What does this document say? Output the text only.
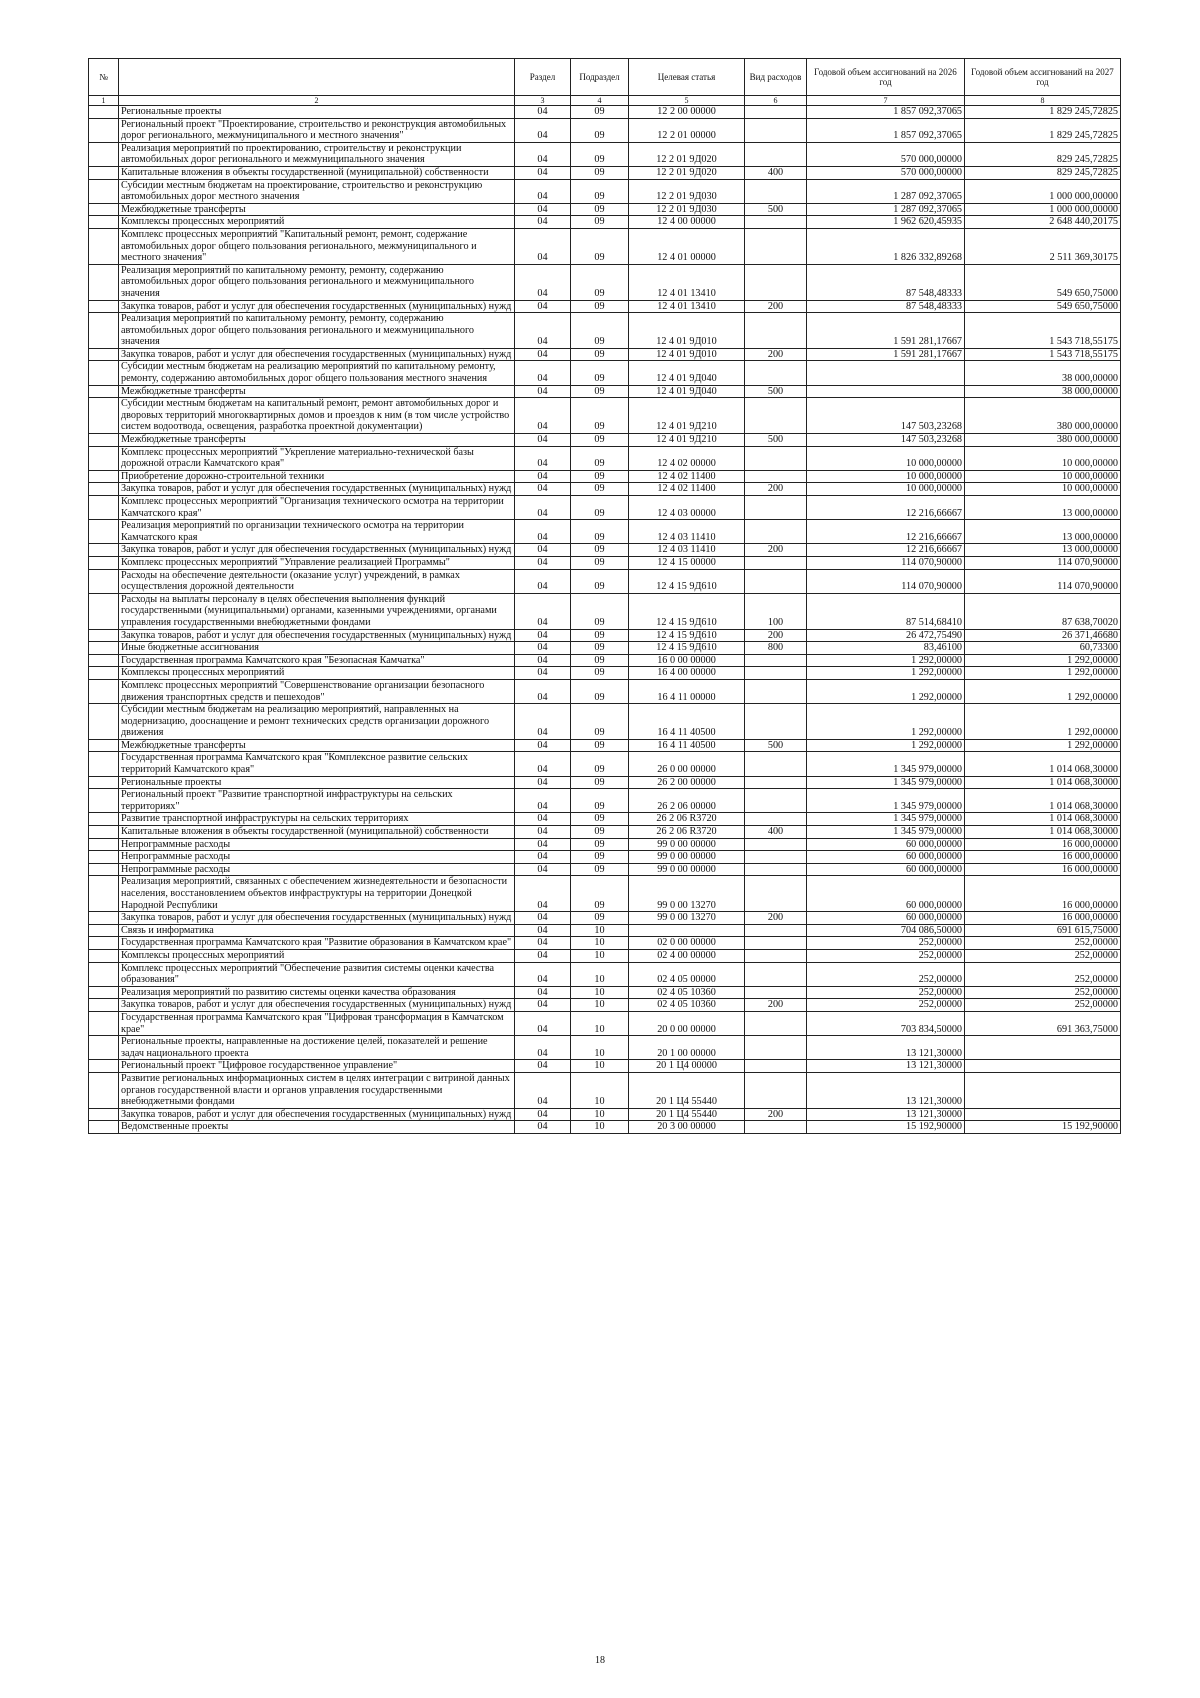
№		Раздел	Подраздел	Целевая статья	Вид расходов	Годовой объем ассигнований на 2026 год	Годовой объем ассигнований на 2027 год
1	2	3	4	5	6	7	8
	Региональные проекты	04	09	12 2 00 00000		1 857 092,37065	1 829 245,72825
	Региональный проект "Проектирование, строительство и реконструкция автомобильных дорог регионального, межмуниципального и местного значения"	04	09	12 2 01 00000		1 857 092,37065	1 829 245,72825
	Реализация мероприятий по проектированию, строительству и реконструкции автомобильных дорог регионального и межмуниципального значения	04	09	12 2 01 9Д020		570 000,00000	829 245,72825
	Капитальные вложения в объекты государственной (муниципальной) собственности	04	09	12 2 01 9Д020	400	570 000,00000	829 245,72825
	Субсидии местным бюджетам на проектирование, строительство и реконструкцию автомобильных дорог местного значения	04	09	12 2 01 9Д030		1 287 092,37065	1 000 000,00000
	Межбюджетные трансферты	04	09	12 2 01 9Д030	500	1 287 092,37065	1 000 000,00000
	Комплексы процессных мероприятий	04	09	12 4 00 00000		1 962 620,45935	2 648 440,20175
	Комплекс процессных мероприятий "Капитальный ремонт, ремонт, содержание автомобильных дорог общего пользования регионального, межмуниципального и местного значения"	04	09	12 4 01 00000		1 826 332,89268	2 511 369,30175
	Реализация мероприятий по капитальному ремонту, ремонту, содержанию автомобильных дорог общего пользования регионального и межмуниципального значения	04	09	12 4 01 13410		87 548,48333	549 650,75000
	Закупка товаров, работ и услуг для обеспечения государственных (муниципальных) нужд	04	09	12 4 01 13410	200	87 548,48333	549 650,75000
	Реализация мероприятий по капитальному ремонту, ремонту, содержанию автомобильных дорог общего пользования регионального и межмуниципального значения	04	09	12 4 01 9Д010		1 591 281,17667	1 543 718,55175
	Закупка товаров, работ и услуг для обеспечения государственных (муниципальных) нужд	04	09	12 4 01 9Д010	200	1 591 281,17667	1 543 718,55175
	Субсидии местным бюджетам на реализацию мероприятий по капитальному ремонту, ремонту, содержанию автомобильных дорог общего пользования местного значения	04	09	12 4 01 9Д040			38 000,00000
	Межбюджетные трансферты	04	09	12 4 01 9Д040	500		38 000,00000
	Субсидии местным бюджетам на капитальный ремонт, ремонт автомобильных дорог и дворовых территорий многоквартирных домов и проездов к ним (в том числе устройство систем водоотвода, освещения, разработка проектной документации)	04	09	12 4 01 9Д210		147 503,23268	380 000,00000
	Межбюджетные трансферты	04	09	12 4 01 9Д210	500	147 503,23268	380 000,00000
	Комплекс процессных мероприятий "Укрепление материально-технической базы дорожной отрасли Камчатского края"	04	09	12 4 02 00000		10 000,00000	10 000,00000
	Приобретение дорожно-строительной техники	04	09	12 4 02 11400		10 000,00000	10 000,00000
	Закупка товаров, работ и услуг для обеспечения государственных (муниципальных) нужд	04	09	12 4 02 11400	200	10 000,00000	10 000,00000
	Комплекс процессных мероприятий "Организация технического осмотра на территории Камчатского края"	04	09	12 4 03 00000		12 216,66667	13 000,00000
	Реализация мероприятий по организации технического осмотра на территории Камчатского края	04	09	12 4 03 11410		12 216,66667	13 000,00000
	Закупка товаров, работ и услуг для обеспечения государственных (муниципальных) нужд	04	09	12 4 03 11410	200	12 216,66667	13 000,00000
	Комплекс процессных мероприятий "Управление реализацией Программы"	04	09	12 4 15 00000		114 070,90000	114 070,90000
	Расходы на обеспечение деятельности (оказание услуг) учреждений, в рамках осуществления дорожной деятельности	04	09	12 4 15 9Д610		114 070,90000	114 070,90000
	Расходы на выплаты персоналу в целях обеспечения выполнения функций государственными (муниципальными) органами, казенными учреждениями, органами управления государственными внебюджетными фондами	04	09	12 4 15 9Д610	100	87 514,68410	87 638,70020
	Закупка товаров, работ и услуг для обеспечения государственных (муниципальных) нужд	04	09	12 4 15 9Д610	200	26 472,75490	26 371,46680
	Иные бюджетные ассигнования	04	09	12 4 15 9Д610	800	83,46100	60,73300
	Государственная программа Камчатского края "Безопасная Камчатка"	04	09	16 0 00 00000		1 292,00000	1 292,00000
	Комплексы процессных мероприятий	04	09	16 4 00 00000		1 292,00000	1 292,00000
	Комплекс процессных мероприятий "Совершенствование организации безопасного движения транспортных средств и пешеходов"	04	09	16 4 11 00000		1 292,00000	1 292,00000
	Субсидии местным бюджетам на реализацию мероприятий, направленных на модернизацию, дооснащение и ремонт технических средств организации дорожного движения	04	09	16 4 11 40500		1 292,00000	1 292,00000
	Межбюджетные трансферты	04	09	16 4 11 40500	500	1 292,00000	1 292,00000
	Государственная программа Камчатского края "Комплексное развитие сельских территорий Камчатского края"	04	09	26 0 00 00000		1 345 979,00000	1 014 068,30000
	Региональные проекты	04	09	26 2 00 00000		1 345 979,00000	1 014 068,30000
	Региональный проект "Развитие транспортной инфраструктуры на сельских территориях"	04	09	26 2 06 00000		1 345 979,00000	1 014 068,30000
	Развитие транспортной инфраструктуры на сельских территориях	04	09	26 2 06 R3720		1 345 979,00000	1 014 068,30000
	Капитальные вложения в объекты государственной (муниципальной) собственности	04	09	26 2 06 R3720	400	1 345 979,00000	1 014 068,30000
	Непрограммные расходы	04	09	99 0 00 00000		60 000,00000	16 000,00000
	Непрограммные расходы	04	09	99 0 00 00000		60 000,00000	16 000,00000
	Непрограммные расходы	04	09	99 0 00 00000		60 000,00000	16 000,00000
	Реализация мероприятий, связанных с обеспечением жизнедеятельности и безопасности населения, восстановлением объектов инфраструктуры на территории Донецкой Народной Республики	04	09	99 0 00 13270		60 000,00000	16 000,00000
	Закупка товаров, работ и услуг для обеспечения государственных (муниципальных) нужд	04	09	99 0 00 13270	200	60 000,00000	16 000,00000
	Связь и информатика	04	10			704 086,50000	691 615,75000
	Государственная программа Камчатского края "Развитие образования в Камчатском крае"	04	10	02 0 00 00000		252,00000	252,00000
	Комплексы процессных мероприятий	04	10	02 4 00 00000		252,00000	252,00000
	Комплекс процессных мероприятий "Обеспечение развития системы оценки качества образования"	04	10	02 4 05 00000		252,00000	252,00000
	Реализация мероприятий по развитию системы оценки качества образования	04	10	02 4 05 10360		252,00000	252,00000
	Закупка товаров, работ и услуг для обеспечения государственных (муниципальных) нужд	04	10	02 4 05 10360	200	252,00000	252,00000
	Государственная программа Камчатского края "Цифровая трансформация в Камчатском крае"	04	10	20 0 00 00000		703 834,50000	691 363,75000
	Региональные проекты, направленные на достижение целей, показателей и решение задач национального проекта	04	10	20 1 00 00000		13 121,30000	
	Региональный проект "Цифровое государственное управление"	04	10	20 1 Ц4 00000		13 121,30000	
	Развитие региональных информационных систем в целях интеграции с витриной данных органов государственной власти и органов управления государственными внебюджетными фондами	04	10	20 1 Ц4 55440		13 121,30000	
	Закупка товаров, работ и услуг для обеспечения государственных (муниципальных) нужд	04	10	20 1 Ц4 55440	200	13 121,30000	
	Ведомственные проекты	04	10	20 3 00 00000		15 192,90000	15 192,90000
18
